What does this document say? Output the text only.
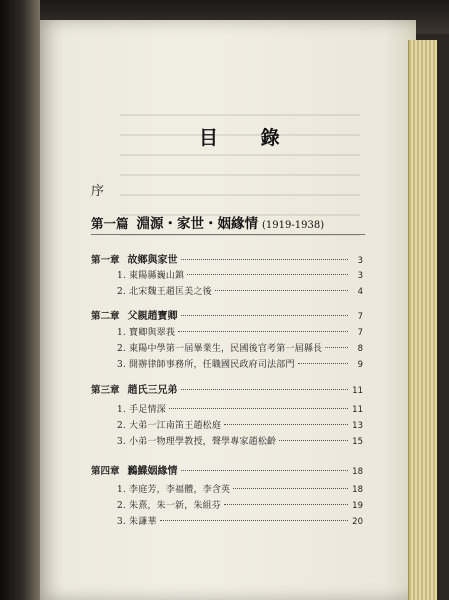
目 錄
序
第一篇 淵源・家世・姻緣情 (1919-1938)
第一章 故鄉與家世	3
1. 東陽縣巍山鎮	3
2. 北宋魏王趙匡美之後	4
第二章 父親趙寶卿	7
1. 寶卿與翠莪	7
2. 東陽中學第一屆畢業生，民國後官考第一屆縣長	8
3. 開辦律師事務所，任職國民政府司法部門	9
第三章 趙氏三兄弟	11
1. 手足情深	11
2. 大弟一江南笛王趙松庭	13
3. 小弟一物理學教授，聲學專家趙松齡	15
第四章 鶼鰈姻緣情	18
1. 李庭芳，李福體，李含英	18
2. 朱熹，朱一新，朱組芬	19
3. 朱謙華	20
